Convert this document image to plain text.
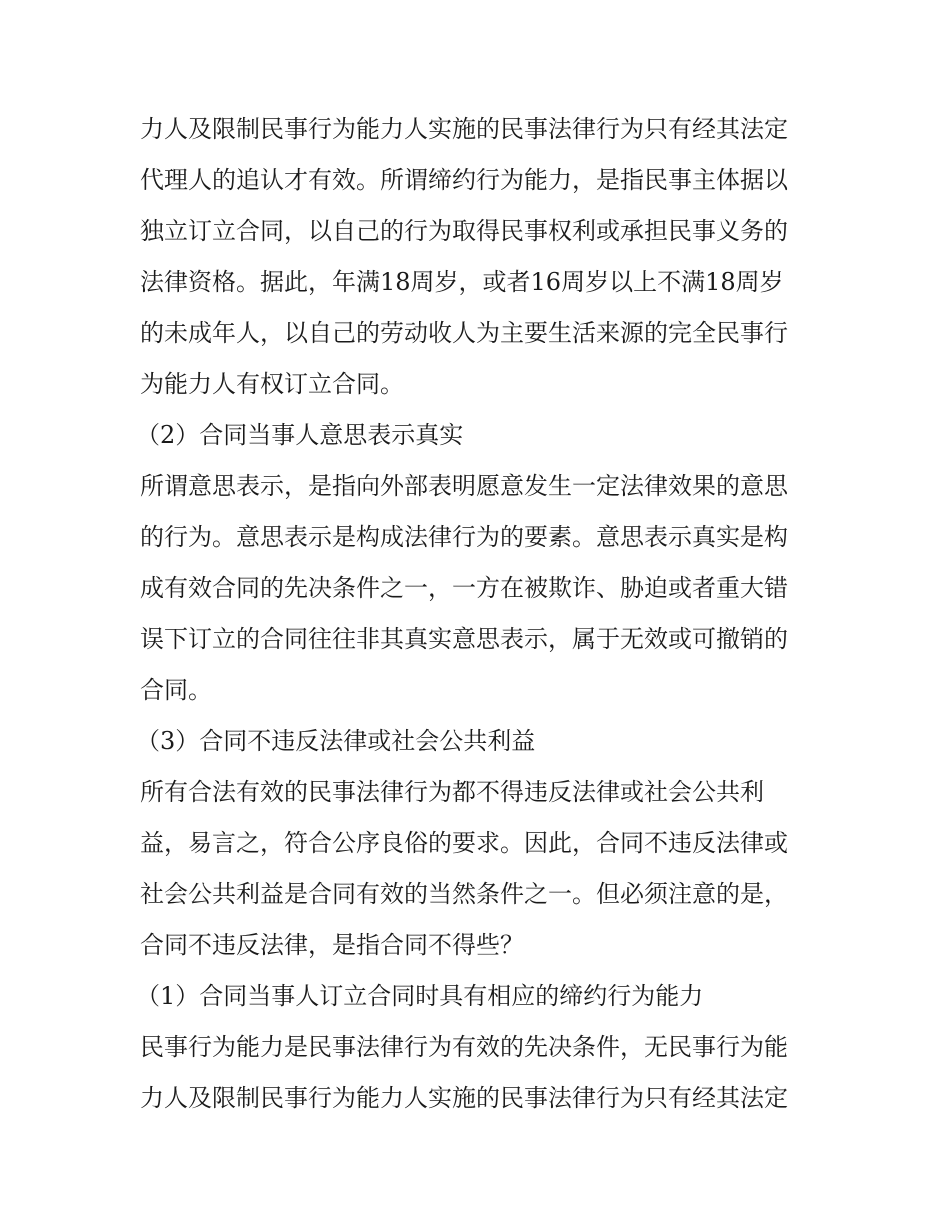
力人及限制民事行为能力人实施的民事法律行为只有经其法定
代理人的追认才有效。所谓缔约行为能力，是指民事主体据以
独立订立合同，以自己的行为取得民事权利或承担民事义务的
法律资格。据此，年满18周岁，或者16周岁以上不满18周岁
的未成年人，以自己的劳动收人为主要生活来源的完全民事行
为能力人有权订立合同。
（2）合同当事人意思表示真实
所谓意思表示，是指向外部表明愿意发生一定法律效果的意思
的行为。意思表示是构成法律行为的要素。意思表示真实是构
成有效合同的先决条件之一，一方在被欺诈、胁迫或者重大错
误下订立的合同往往非其真实意思表示，属于无效或可撤销的
合同。
（3）合同不违反法律或社会公共利益
所有合法有效的民事法律行为都不得违反法律或社会公共利
益，易言之，符合公序良俗的要求。因此，合同不违反法律或
社会公共利益是合同有效的当然条件之一。但必须注意的是，
合同不违反法律，是指合同不得些？
（1）合同当事人订立合同时具有相应的缔约行为能力
民事行为能力是民事法律行为有效的先决条件，无民事行为能
力人及限制民事行为能力人实施的民事法律行为只有经其法定
